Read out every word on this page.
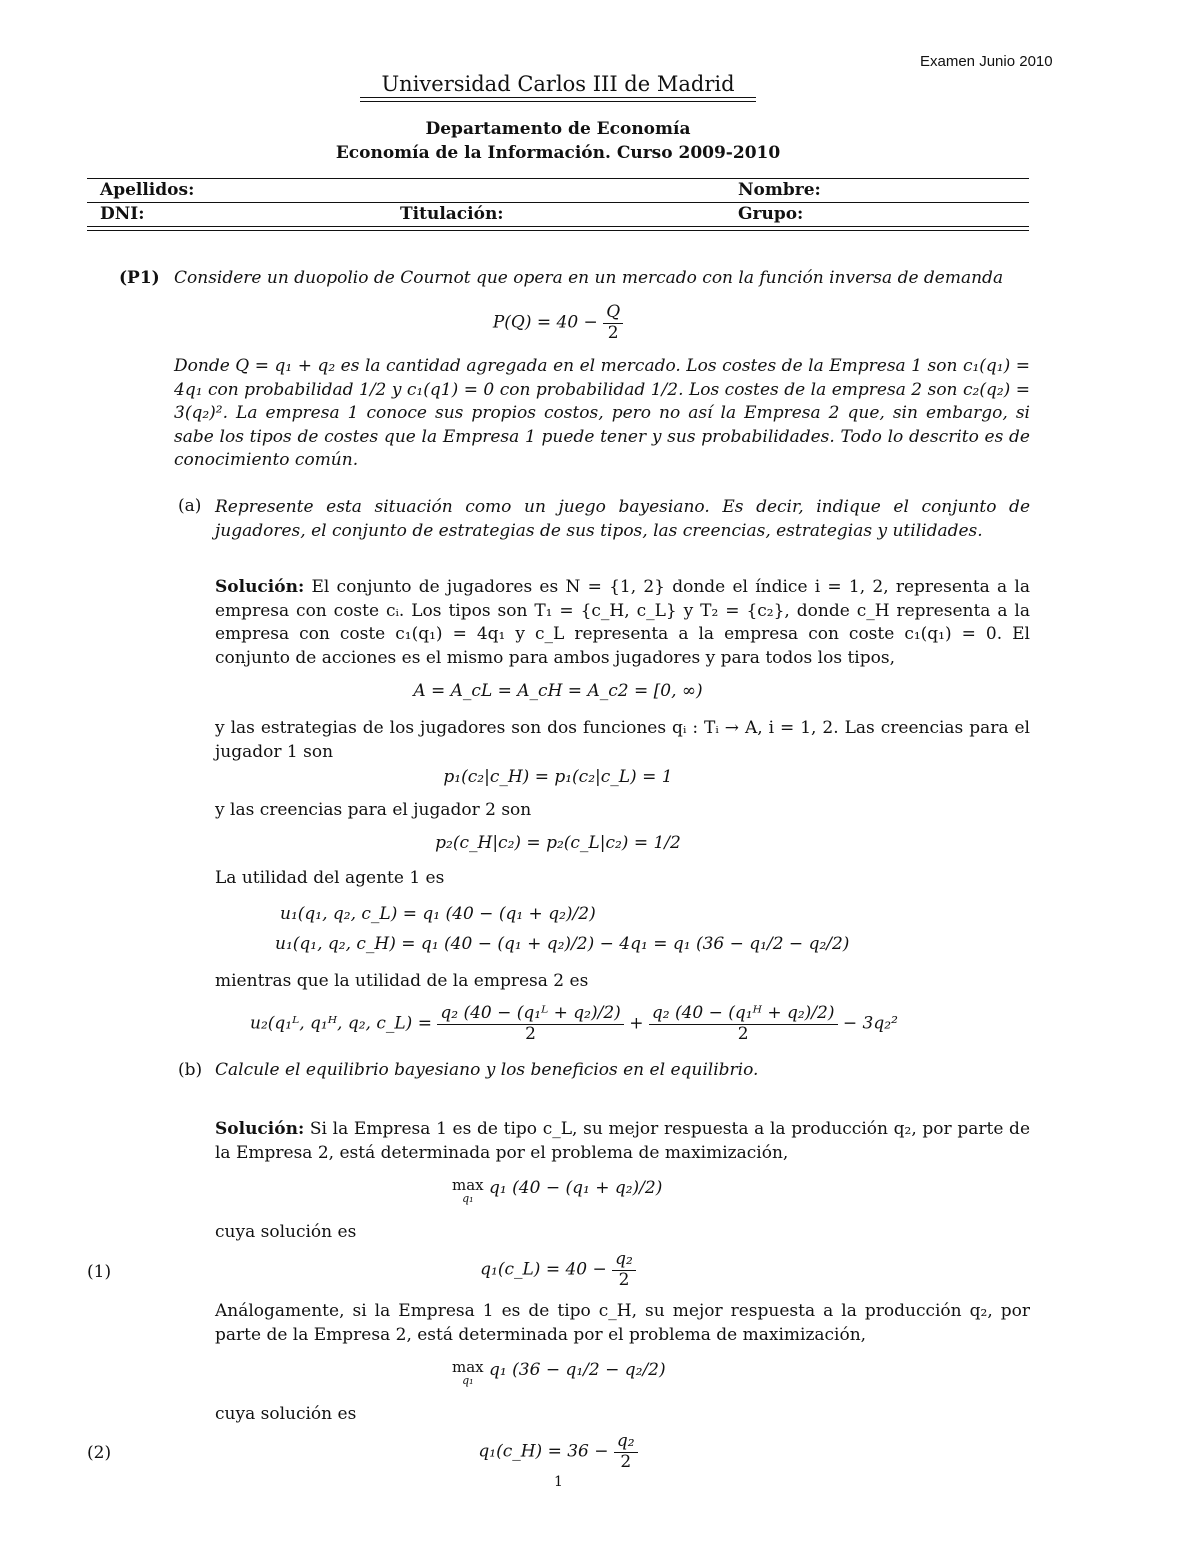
Examen Junio 2010
Universidad Carlos III de Madrid
Departamento de Economía
Economía de la Información. Curso 2009-2010
Apellidos:	Nombre:
DNI:	Titulación:	Grupo:
(P1) Considere un duopolio de Cournot que opera en un mercado con la función inversa de demanda
$P(Q) = 40 - \frac{Q}{2}$
Donde Q = q₁ + q₂ es la cantidad agregada en el mercado. Los costes de la Empresa 1 son c₁(q₁) = 4q₁ con probabilidad 1/2 y c₁(q1) = 0 con probabilidad 1/2. Los costes de la empresa 2 son c₂(q₂) = 3(q₂)². La empresa 1 conoce sus propios costos, pero no así la Empresa 2 que, sin embargo, si sabe los tipos de costes que la Empresa 1 puede tener y sus probabilidades. Todo lo descrito es de conocimiento común.
(a) Represente esta situación como un juego bayesiano. Es decir, indique el conjunto de jugadores, el conjunto de estrategias de sus tipos, las creencias, estrategias y utilidades.
Solución: El conjunto de jugadores es N = {1, 2} donde el índice i = 1, 2, representa a la empresa con coste cᵢ. Los tipos son T₁ = {c_H, c_L} y T₂ = {c₂}, donde c_H representa a la empresa con coste c₁(q₁) = 4q₁ y c_L representa a la empresa con coste c₁(q₁) = 0. El conjunto de acciones es el mismo para ambos jugadores y para todos los tipos,
A = A_cL = A_cH = A_c2 = [0, ∞)
y las estrategias de los jugadores son dos funciones qᵢ : Tᵢ → A, i = 1, 2. Las creencias para el jugador 1 son
p₁(c₂|c_H) = p₁(c₂|c_L) = 1
y las creencias para el jugador 2 son
p₂(c_H|c₂) = p₂(c_L|c₂) = 1/2
La utilidad del agente 1 es
u₁(q₁, q₂, c_L) = q₁ (40 − (q₁ + q₂)/2)
u₁(q₁, q₂, c_H) = q₁ (40 − (q₁ + q₂)/2) − 4q₁ = q₁ (36 − q₁/2 − q₂/2)
mientras que la utilidad de la empresa 2 es
u₂(q₁ᴸ, q₁ᴴ, q₂, c_L) = $\frac{\text{q₂ (40 − (q₁ᴸ + q₂)/2)}}{2} + \frac{\text{q₂ (40 − (q₁ᴴ + q₂)/2)}}{2} - 3q_2^2$
(b) Calcule el equilibrio bayesiano y los beneficios en el equilibrio.
Solución: Si la Empresa 1 es de tipo c_L, su mejor respuesta a la producción q₂, por parte de la Empresa 2, está determinada por el problema de maximización,
max
q₁
q₁ (40 − (q₁ + q₂)/2)
cuya solución es
(1)	q₁(c_L) = $40 - \frac{\text{q₂}}{2}$
Análogamente, si la Empresa 1 es de tipo c_H, su mejor respuesta a la producción q₂, por parte de la Empresa 2, está determinada por el problema de maximización,
max
q₁
q₁ (36 − q₁/2 − q₂/2)
cuya solución es
(2)	q₁(c_H) = $36 - \frac{\text{q₂}}{2}$
1
